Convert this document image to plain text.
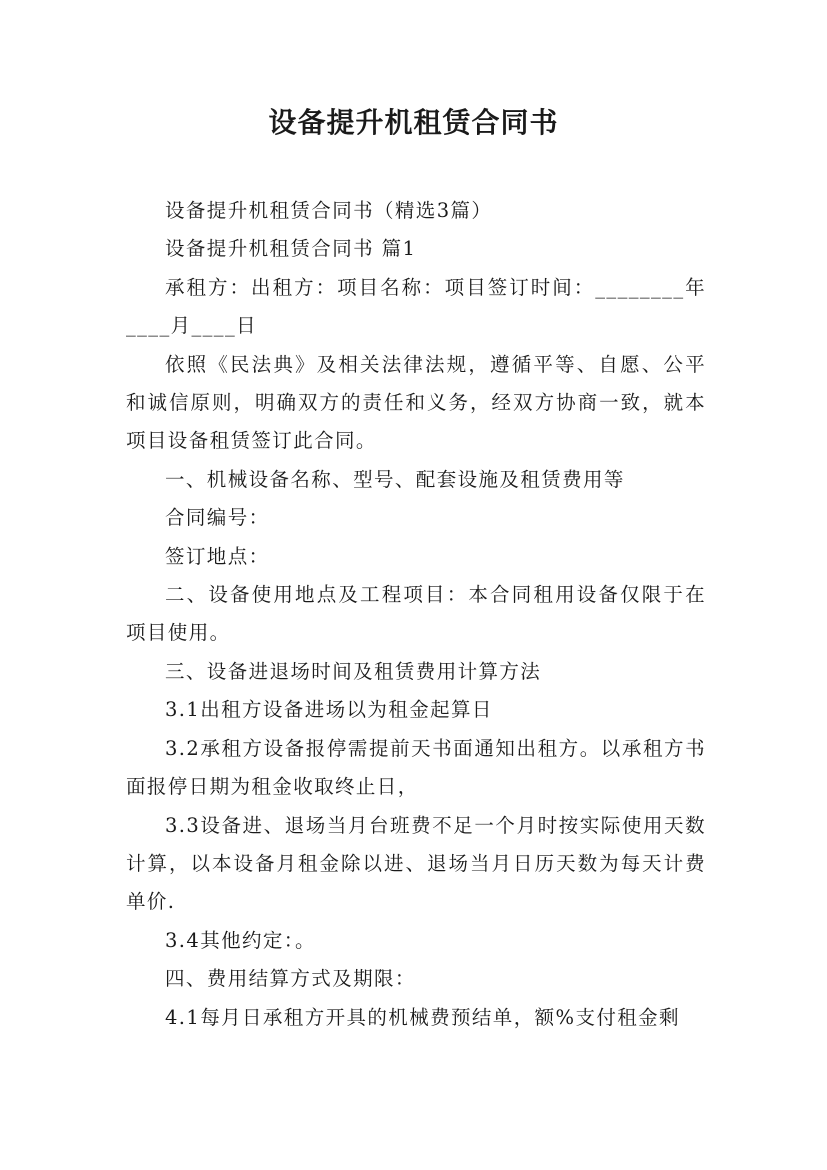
设备提升机租赁合同书

设备提升机租赁合同书（精选3篇）

设备提升机租赁合同书 篇1

承租方：出租方：项目名称：项目签订时间：________年____月____日

依照《民法典》及相关法律法规，遵循平等、自愿、公平和诚信原则，明确双方的责任和义务，经双方协商一致，就本项目设备租赁签订此合同。

一、机械设备名称、型号、配套设施及租赁费用等

合同编号：

签订地点：

二、设备使用地点及工程项目：本合同租用设备仅限于在项目使用。

三、设备进退场时间及租赁费用计算方法

3.1出租方设备进场以为租金起算日

3.2承租方设备报停需提前天书面通知出租方。以承租方书面报停日期为租金收取终止日，

3.3设备进、退场当月台班费不足一个月时按实际使用天数计算，以本设备月租金除以进、退场当月日历天数为每天计费单价.

3.4其他约定：。

四、费用结算方式及期限：

4.1每月日承租方开具的机械费预结单，额%支付租金剩
